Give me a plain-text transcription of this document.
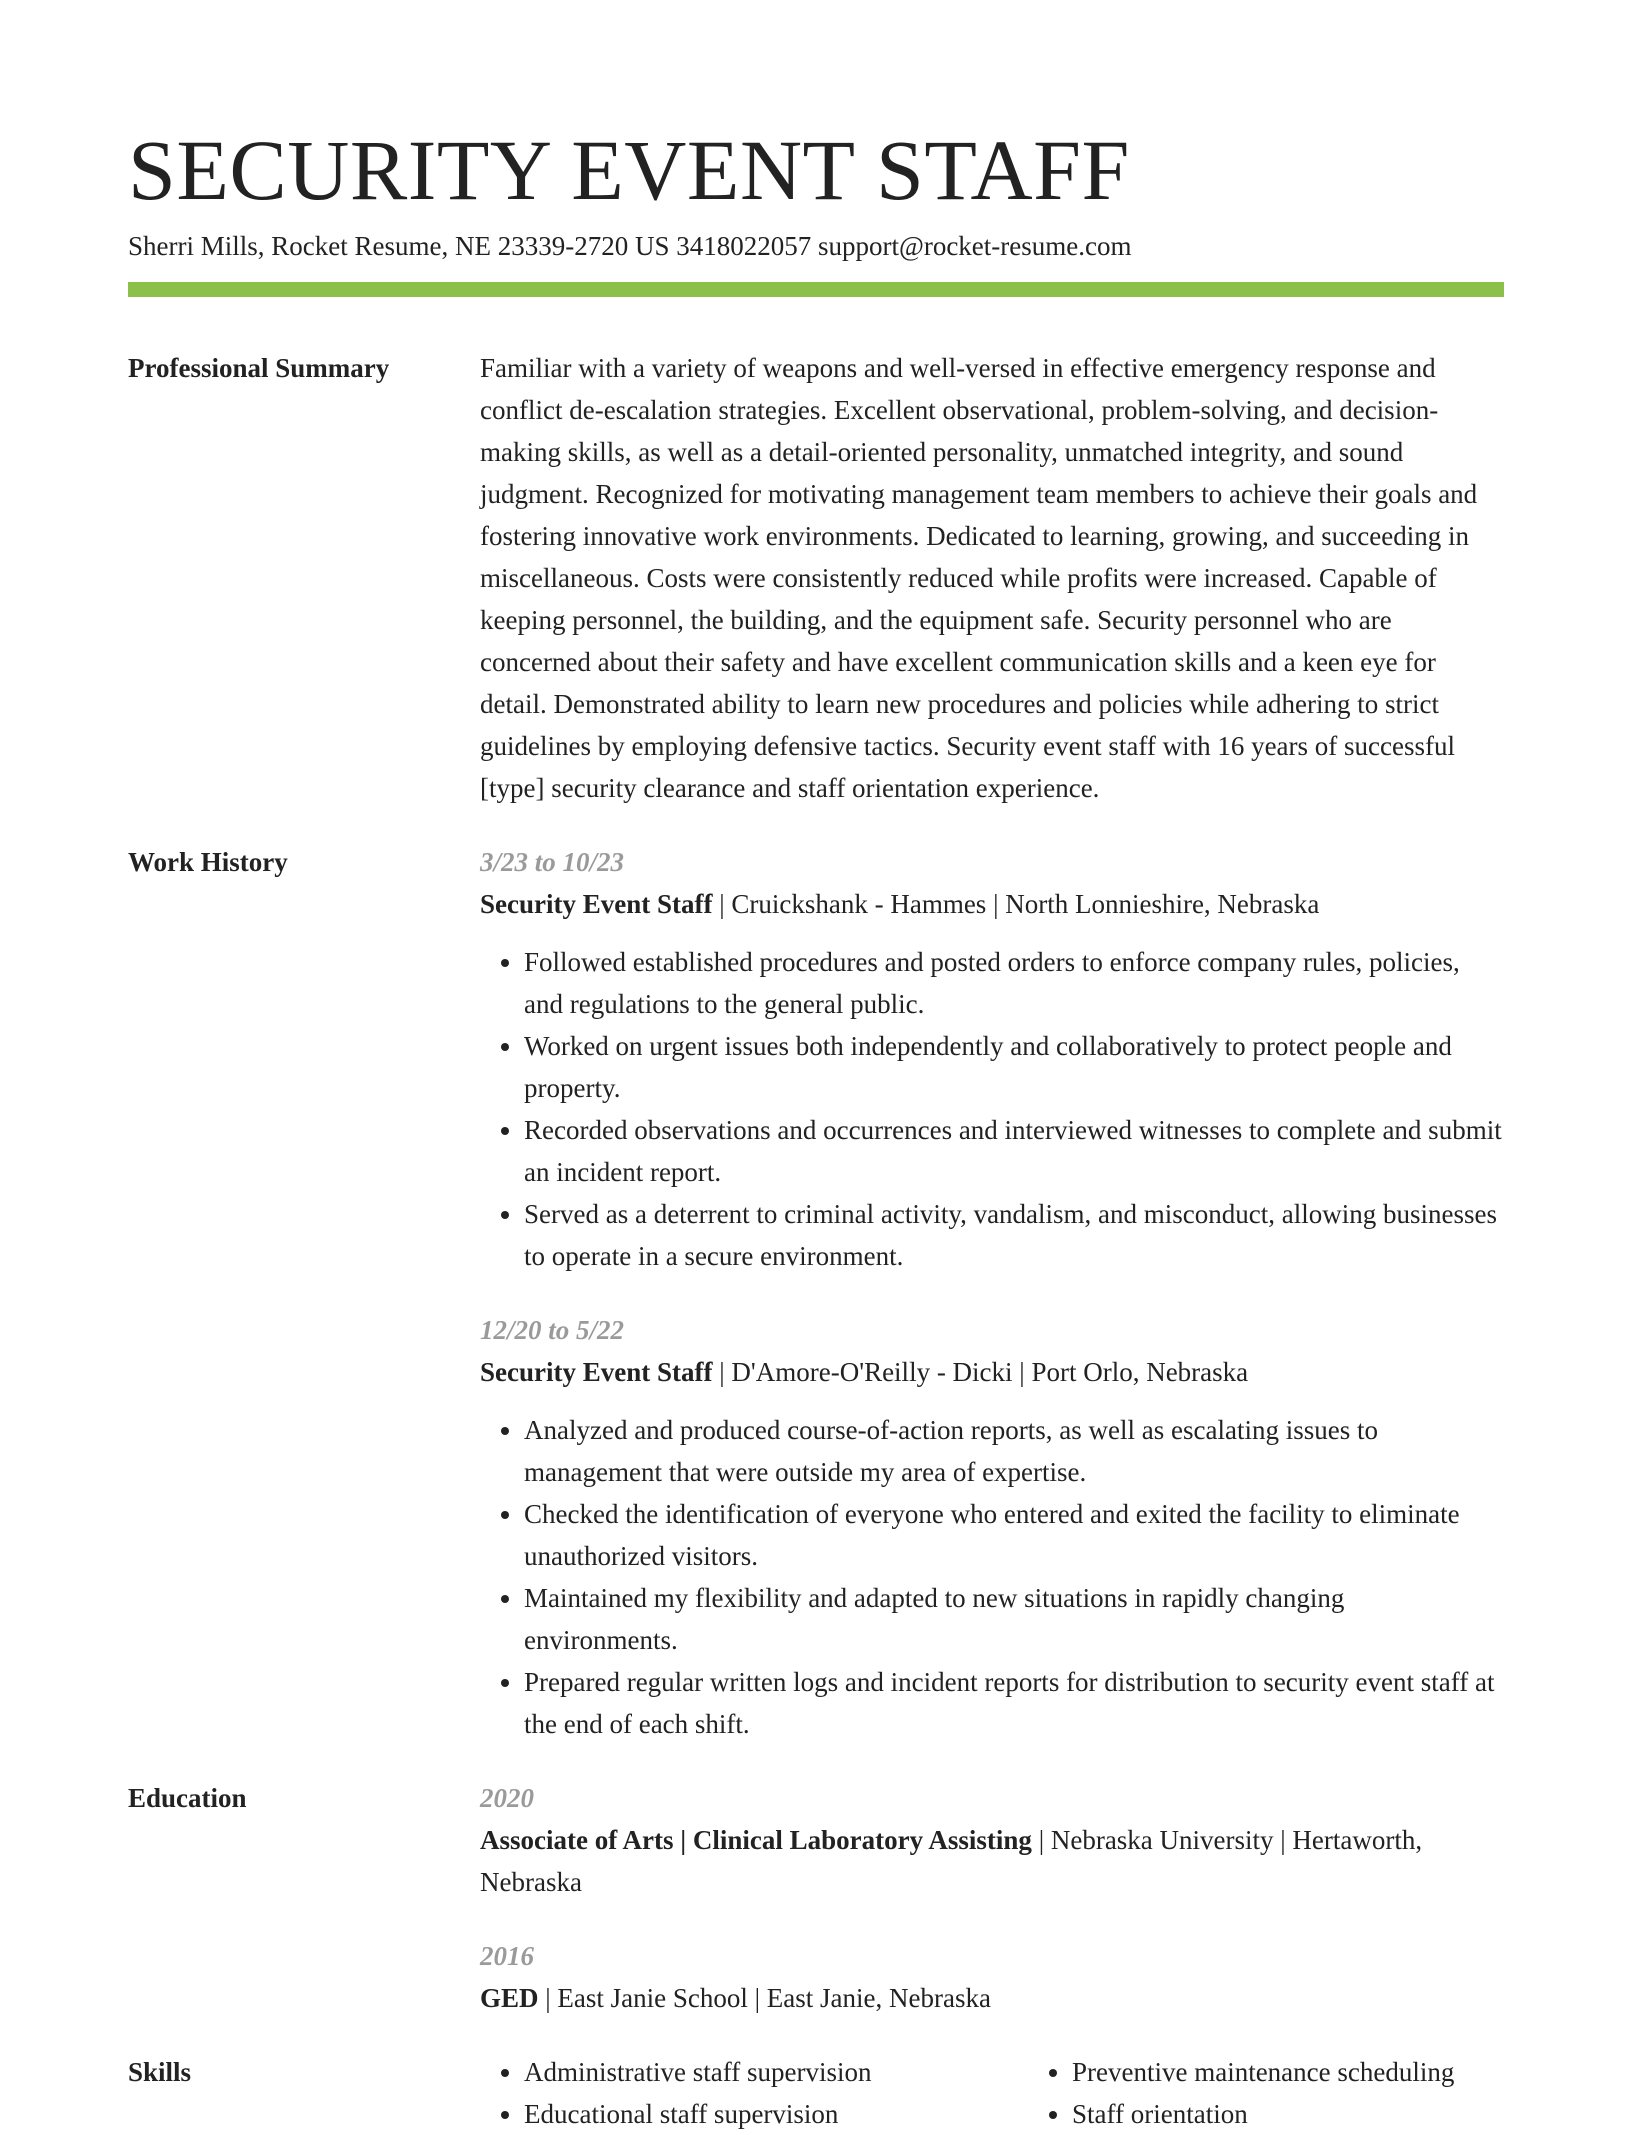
SECURITY EVENT STAFF
Sherri Mills, Rocket Resume, NE 23339-2720 US 3418022057 support@rocket-resume.com
Professional Summary	Familiar with a variety of weapons and well-versed in effective emergency response and conflict de-escalation strategies. Excellent observational, problem-solving, and decision-making skills, as well as a detail-oriented personality, unmatched integrity, and sound judgment. Recognized for motivating management team members to achieve their goals and fostering innovative work environments. Dedicated to learning, growing, and succeeding in miscellaneous. Costs were consistently reduced while profits were increased. Capable of keeping personnel, the building, and the equipment safe. Security personnel who are concerned about their safety and have excellent communication skills and a keen eye for detail. Demonstrated ability to learn new procedures and policies while adhering to strict guidelines by employing defensive tactics. Security event staff with 16 years of successful [type] security clearance and staff orientation experience.
Work History	3/23 to 10/23
Security Event Staff | Cruickshank - Hammes | North Lonnieshire, Nebraska
• Followed established procedures and posted orders to enforce company rules, policies, and regulations to the general public.
• Worked on urgent issues both independently and collaboratively to protect people and property.
• Recorded observations and occurrences and interviewed witnesses to complete and submit an incident report.
• Served as a deterrent to criminal activity, vandalism, and misconduct, allowing businesses to operate in a secure environment.
12/20 to 5/22
Security Event Staff | D'Amore-O'Reilly - Dicki | Port Orlo, Nebraska
• Analyzed and produced course-of-action reports, as well as escalating issues to management that were outside my area of expertise.
• Checked the identification of everyone who entered and exited the facility to eliminate unauthorized visitors.
• Maintained my flexibility and adapted to new situations in rapidly changing environments.
• Prepared regular written logs and incident reports for distribution to security event staff at the end of each shift.
Education	2020
Associate of Arts | Clinical Laboratory Assisting | Nebraska University | Hertaworth, Nebraska
2016
GED | East Janie School | East Janie, Nebraska
Skills
•	Administrative staff supervision
• Educational staff supervision
• Preventive maintenance scheduling
• Staff orientation
